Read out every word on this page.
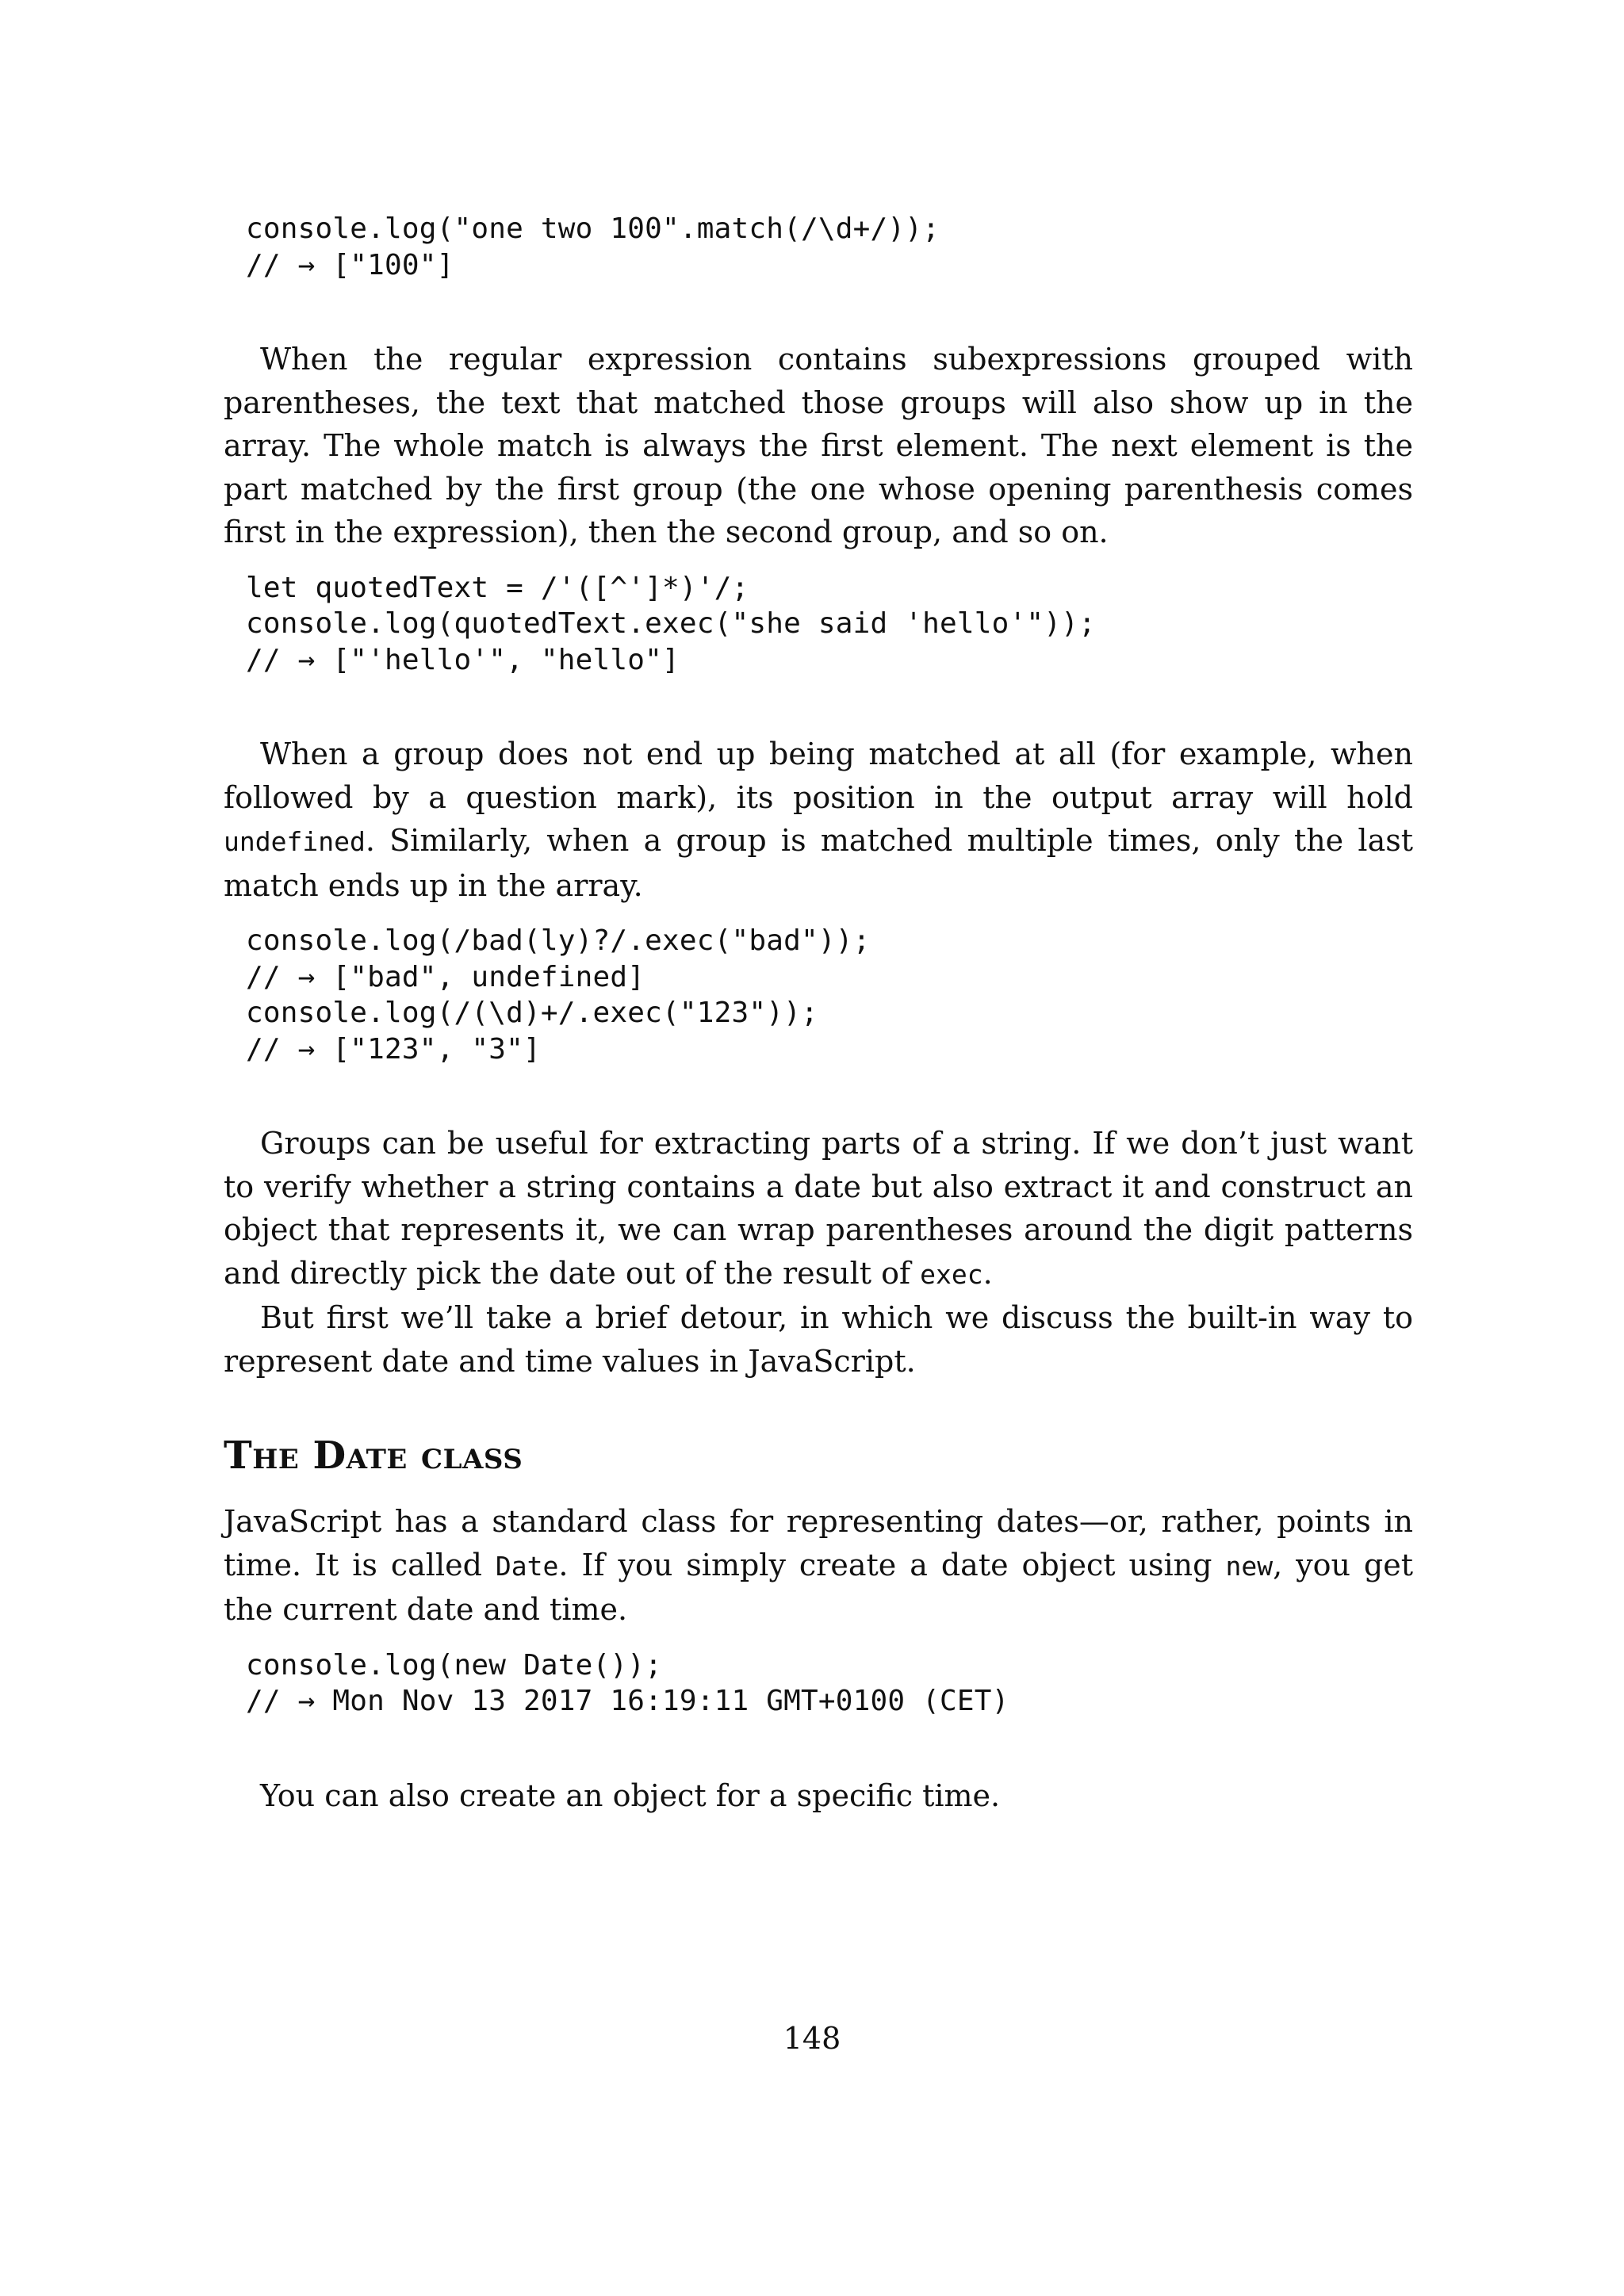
console.log("one two 100".match(/\d+/));
// → ["100"]

When the regular expression contains subexpressions grouped with parentheses, the text that matched those groups will also show up in the array. The whole match is always the first element. The next element is the part matched by the first group (the one whose opening parenthesis comes first in the expression), then the second group, and so on.

let quotedText = /'([^']*)'/;
console.log(quotedText.exec("she said 'hello'"));
// → ["'hello'", "hello"]

When a group does not end up being matched at all (for example, when followed by a question mark), its position in the output array will hold undefined. Similarly, when a group is matched multiple times, only the last match ends up in the array.

console.log(/bad(ly)?/.exec("bad"));
// → ["bad", undefined]
console.log(/(\d)+/.exec("123"));
// → ["123", "3"]

Groups can be useful for extracting parts of a string. If we don’t just want to verify whether a string contains a date but also extract it and construct an object that represents it, we can wrap parentheses around the digit patterns and directly pick the date out of the result of exec.

But first we’ll take a brief detour, in which we discuss the built-in way to represent date and time values in JavaScript.

The Date class

JavaScript has a standard class for representing dates—or, rather, points in time. It is called Date. If you simply create a date object using new, you get the current date and time.

console.log(new Date());
// → Mon Nov 13 2017 16:19:11 GMT+0100 (CET)

You can also create an object for a specific time.

148
